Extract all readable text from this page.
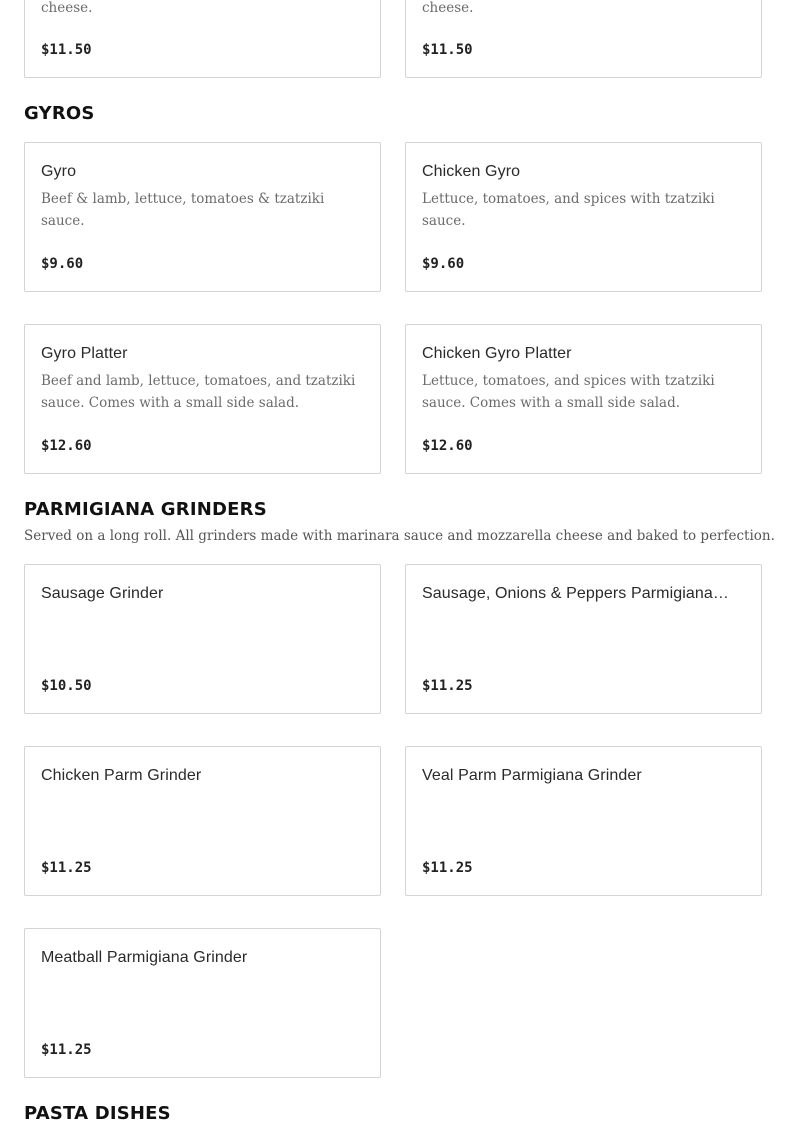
cheese.
$11.50
cheese.
$11.50
GYROS
Gyro
Beef & lamb, lettuce, tomatoes & tzatziki sauce.
$9.60
Chicken Gyro
Lettuce, tomatoes, and spices with tzatziki sauce.
$9.60
Gyro Platter
Beef and lamb, lettuce, tomatoes, and tzatziki sauce. Comes with a small side salad.
$12.60
Chicken Gyro Platter
Lettuce, tomatoes, and spices with tzatziki sauce. Comes with a small side salad.
$12.60
PARMIGIANA GRINDERS
Served on a long roll. All grinders made with marinara sauce and mozzarella cheese and baked to perfection.
Sausage Grinder
$10.50
Sausage, Onions & Peppers Parmigiana…
$11.25
Chicken Parm Grinder
$11.25
Veal Parm Parmigiana Grinder
$11.25
Meatball Parmigiana Grinder
$11.25
PASTA DISHES
